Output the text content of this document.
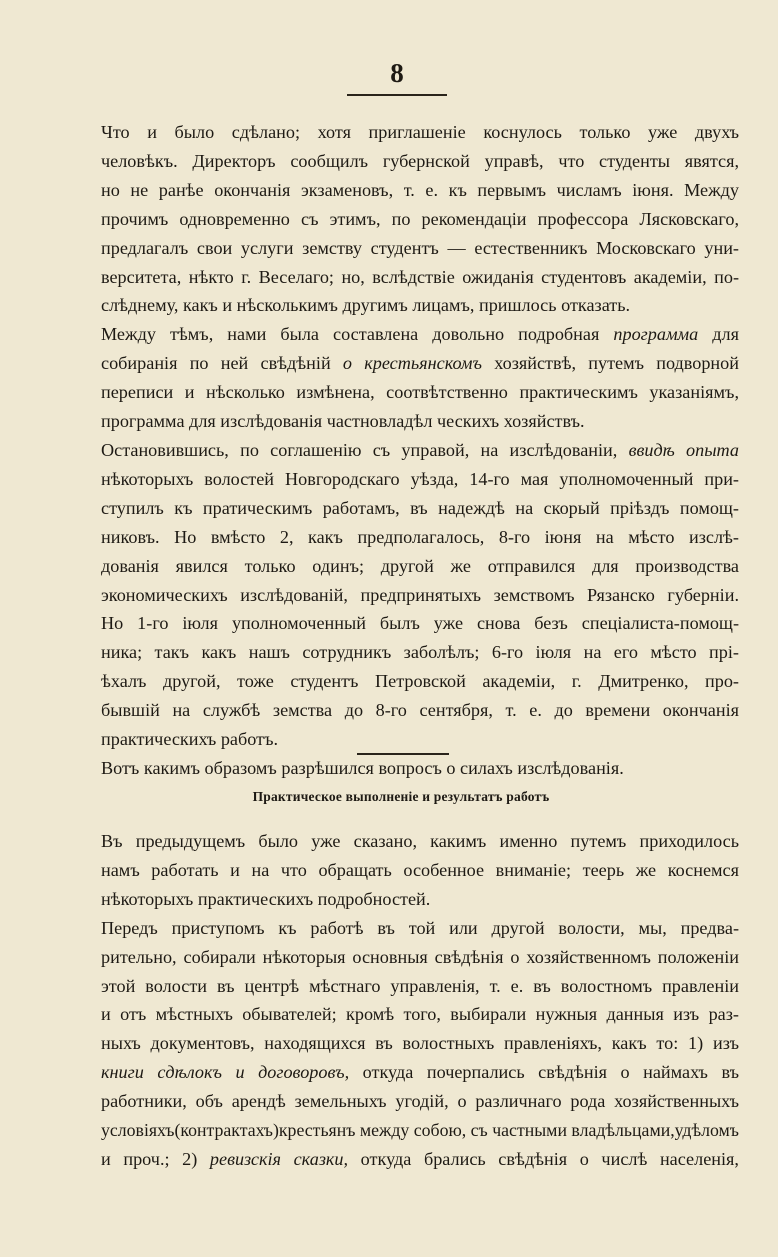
8

Что и было сдѣлано; хотя приглашеніе коснулось только уже двухъ
человѣкъ. Директоръ сообщилъ губернской управѣ, что студенты явятся,
но не ранѣе окончанія экзаменовъ, т. е. къ первымъ числамъ іюня. Между
прочимъ одновременно съ этимъ, по рекомендаціи профессора Лясковскаго,
предлагалъ свои услуги земству студентъ — естественникъ Московскаго уни-
верситета, нѣкто г. Веселаго; но, вслѣдствіе ожиданія студентовъ академіи, по-
слѣднему, какъ и нѣсколькимъ другимъ лицамъ, пришлось отказать.

Между тѣмъ, нами была составлена довольно подробная программа для
собиранія по ней свѣдѣній о крестьянскомъ хозяйствѣ, путемъ подворной
переписи и нѣсколько измѣнена, соотвѣтственно практическимъ указаніямъ,
программа для изслѣдованія частновладѣл ческихъ хозяйствъ.

Остановившись, по соглашенію съ управой, на изслѣдованіи, ввидѣ опыта
нѣкоторыхъ волостей Новгородскаго уѣзда, 14-го мая уполномоченный при-
ступилъ къ пратическимъ работамъ, въ надеждѣ на скорый пріѣздъ помощ-
никовъ. Но вмѣсто 2, какъ предполагалось, 8-го іюня на мѣсто изслѣ-
дованія явился только одинъ; другой же отправился для производства
экономическихъ изслѣдованій, предпринятыхъ земствомъ Рязанско губерніи.

Но 1-го іюля уполномоченный былъ уже снова безъ спеціалиста-помощ-
ника; такъ какъ нашъ сотрудникъ заболѣлъ; 6-го іюля на его мѣсто прі-
ѣхалъ другой, тоже студентъ Петровской академіи, г. Дмитренко, про-
бывшій на службѣ земства до 8-го сентября, т. е. до времени окончанія
практическихъ работъ.

Вотъ какимъ образомъ разрѣшился вопросъ о силахъ изслѣдованія.

Практическое выполненіе и результатъ работъ

Въ предыдущемъ было уже сказано, какимъ именно путемъ приходилось
намъ работать и на что обращать особенное вниманіе; теерь же коснемся
нѣкоторыхъ практическихъ подробностей.

Передъ приступомъ къ работѣ въ той или другой волости, мы, предва-
рительно, собирали нѣкоторыя основныя свѣдѣнія о хозяйственномъ положеніи
этой волости въ центрѣ мѣстнаго управленія, т. е. въ волостномъ правленіи
и отъ мѣстныхъ обывателей; кромѣ того, выбирали нужныя данныя изъ раз-
ныхъ документовъ, находящихся въ волостныхъ правленіяхъ, какъ то: 1) изъ
книги сдѣлокъ и договоровъ, откуда почерпались свѣдѣнія о наймахъ въ
работники, объ арендѣ земельныхъ угодій, о различнаго рода хозяйственныхъ
условіяхъ(контрактахъ)крестьянъ между собою, съ частными владѣльцами,удѣломъ
и проч.; 2) ревизскія сказки, откуда брались свѣдѣнія о числѣ населенія,
